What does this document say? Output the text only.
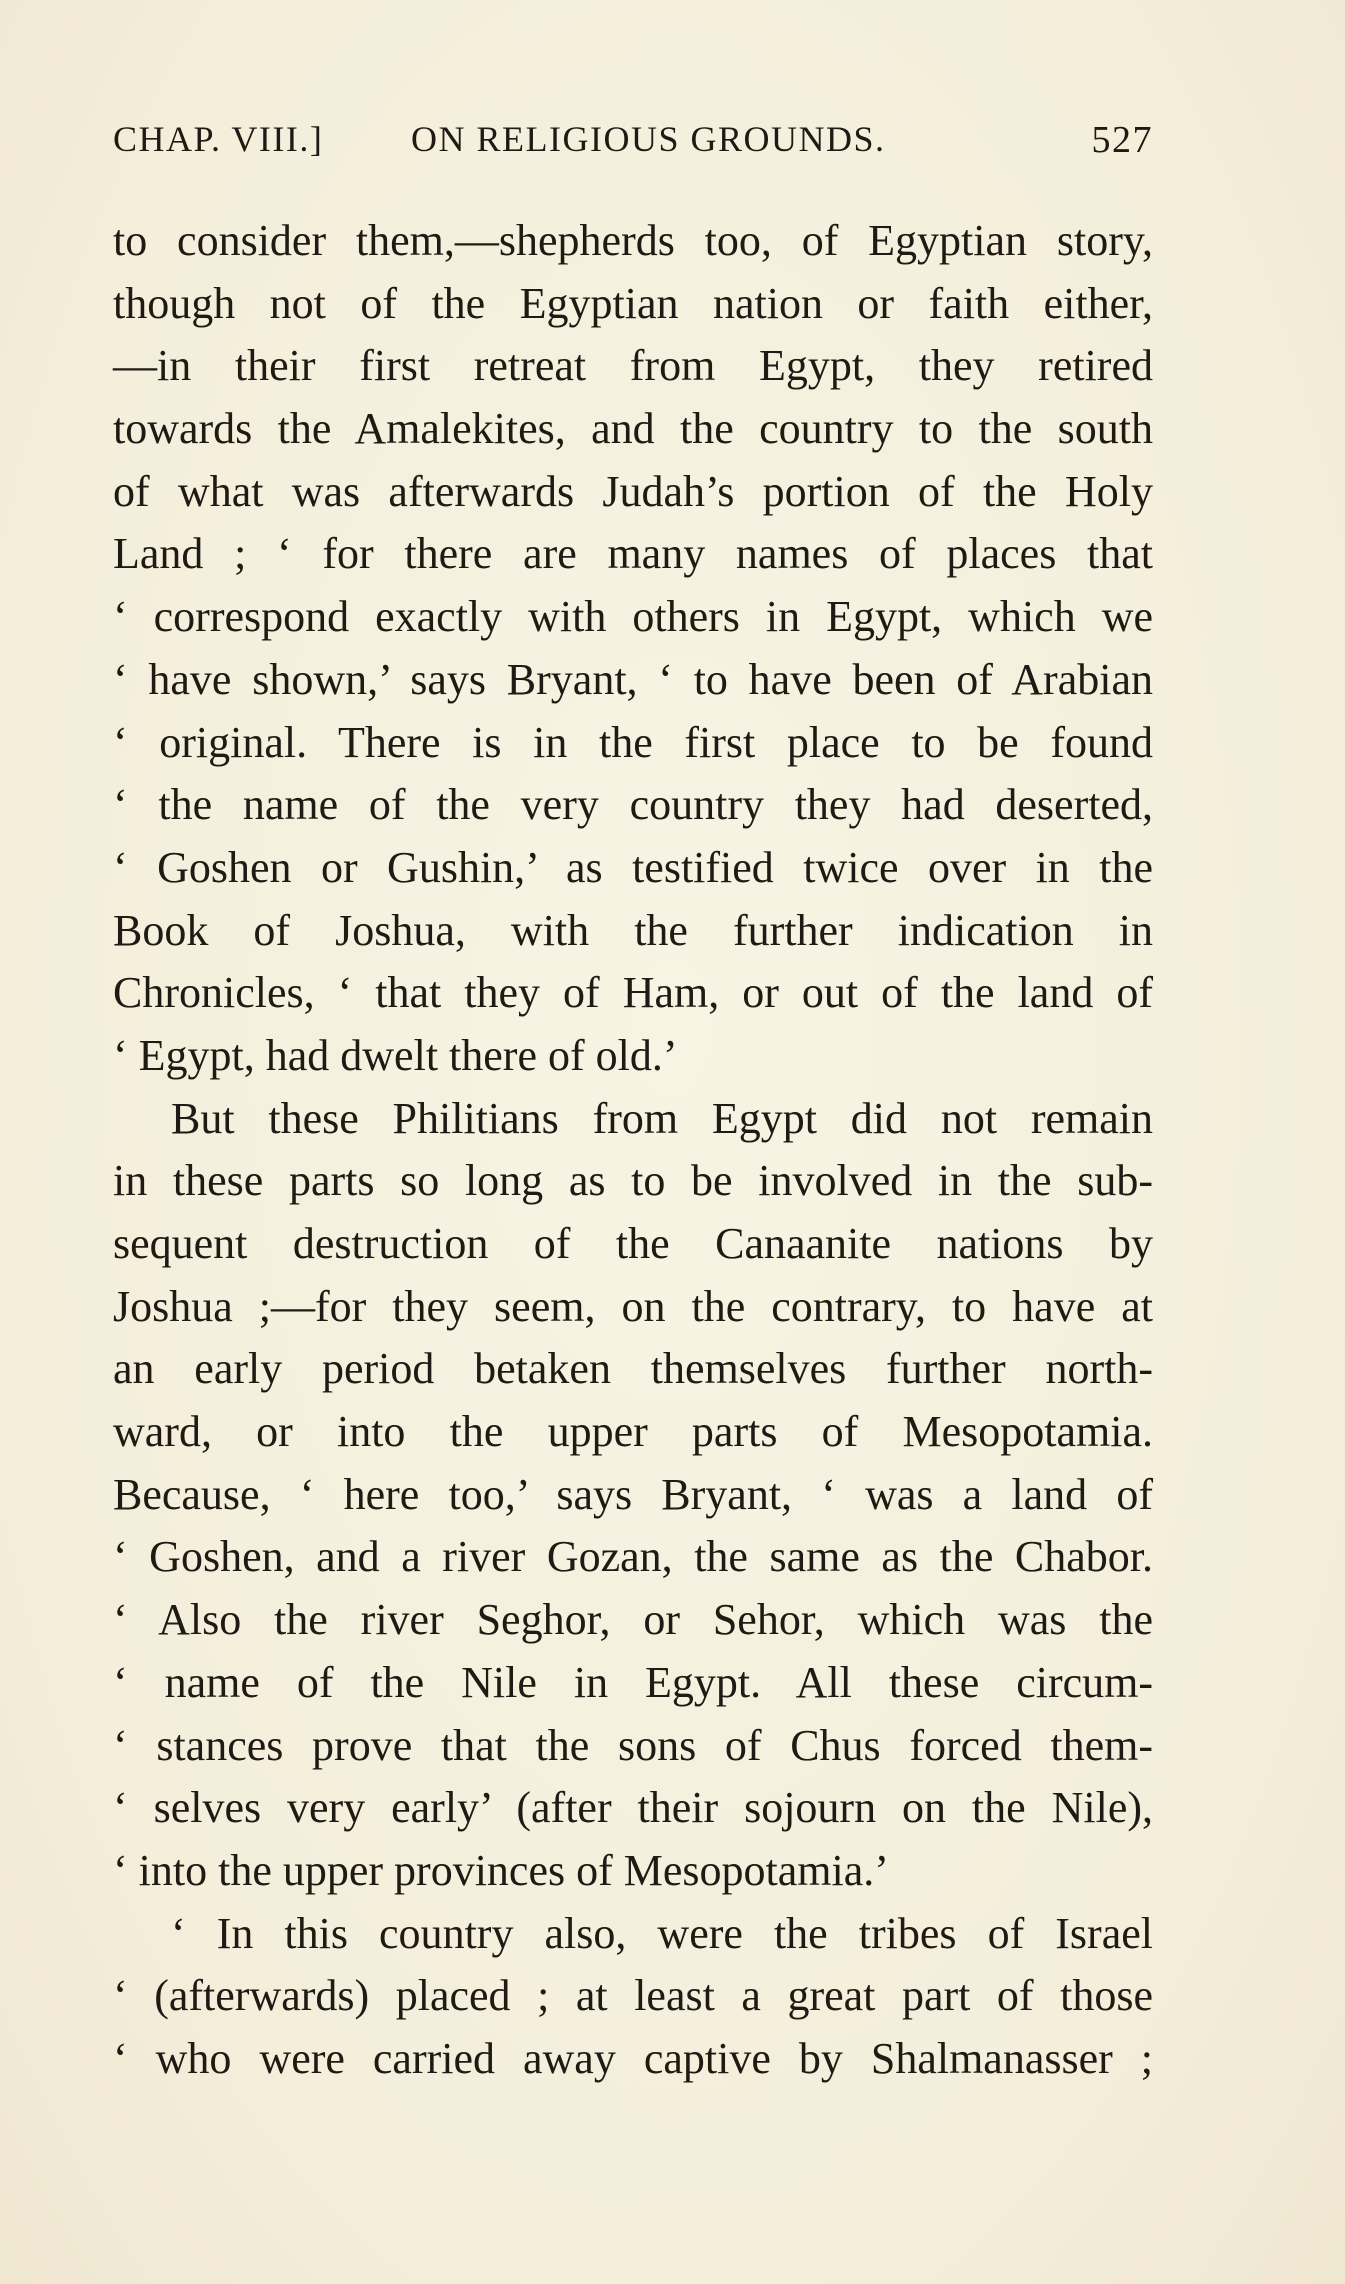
CHAP. VIII.] ON RELIGIOUS GROUNDS.	527
to consider them,—shepherds too, of Egyptian story,
though not of the Egyptian nation or faith either,
—in their first retreat from Egypt, they retired
towards the Amalekites, and the country to the south
of what was afterwards Judah’s portion of the Holy
Land ; ‘ for there are many names of places that
‘ correspond exactly with others in Egypt, which we
‘ have shown,’ says Bryant, ‘ to have been of Arabian
‘ original. There is in the first place to be found
‘ the name of the very country they had deserted,
‘ Goshen or Gushin,’ as testified twice over in the
Book of Joshua, with the further indication in
Chronicles, ‘ that they of Ham, or out of the land of
‘ Egypt, had dwelt there of old.’
But these Philitians from Egypt did not remain
in these parts so long as to be involved in the sub-
sequent destruction of the Canaanite nations by
Joshua ;—for they seem, on the contrary, to have at
an early period betaken themselves further north-
ward, or into the upper parts of Mesopotamia.
Because, ‘ here too,’ says Bryant, ‘ was a land of
‘ Goshen, and a river Gozan, the same as the Chabor.
‘ Also the river Seghor, or Sehor, which was the
‘ name of the Nile in Egypt. All these circum-
‘ stances prove that the sons of Chus forced them-
‘ selves very early’ (after their sojourn on the Nile),
‘ into the upper provinces of Mesopotamia.’
‘ In this country also, were the tribes of Israel
‘ (afterwards) placed ; at least a great part of those
‘ who were carried away captive by Shalmanasser ;
